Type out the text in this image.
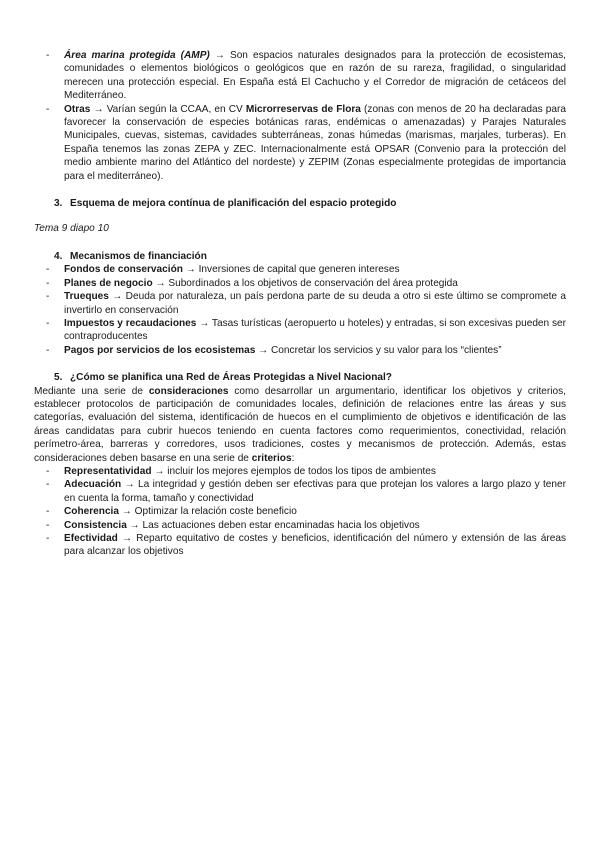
-	Área marina protegida (AMP) → Son espacios naturales designados para la protección de ecosistemas, comunidades o elementos biológicos o geológicos que en razón de su rareza, fragilidad, o singularidad merecen una protección especial. En España está El Cachucho y el Corredor de migración de cetáceos del Mediterráneo.
-	Otras → Varían según la CCAA, en CV Microrreservas de Flora (zonas con menos de 20 ha declaradas para favorecer la conservación de especies botánicas raras, endémicas o amenazadas) y Parajes Naturales Municipales, cuevas, sistemas, cavidades subterráneas, zonas húmedas (marismas, marjales, turberas). En España tenemos las zonas ZEPA y ZEC. Internacionalmente está OPSAR (Convenio para la protección del medio ambiente marino del Atlántico del nordeste) y ZEPIM (Zonas especialmente protegidas de importancia para el mediterráneo).
3. Esquema de mejora contínua de planificación del espacio protegido
Tema 9 diapo 10
4. Mecanismos de financiación
-	Fondos de conservación → Inversiones de capital que generen intereses
-	Planes de negocio → Subordinados a los objetivos de conservación del área protegida
-	Trueques → Deuda por naturaleza, un país perdona parte de su deuda a otro si este último se compromete a invertirlo en conservación
-	Impuestos y recaudaciones → Tasas turísticas (aeropuerto u hoteles) y entradas, si son excesivas pueden ser contraproducentes
-	Pagos por servicios de los ecosistemas → Concretar los servicios y su valor para los “clientes”
5. ¿Cómo se planifica una Red de Áreas Protegidas a Nivel Nacional?
Mediante una serie de consideraciones como desarrollar un argumentario, identificar los objetivos y criterios, establecer protocolos de participación de comunidades locales, definición de relaciones entre las áreas y sus categorías, evaluación del sistema, identificación de huecos en el cumplimiento de objetivos e identificación de las áreas candidatas para cubrir huecos teniendo en cuenta factores como requerimientos, conectividad, relación perímetro-área, barreras y corredores, usos tradiciones, costes y mecanismos de protección. Además, estas consideraciones deben basarse en una serie de criterios:
-	Representatividad → incluir los mejores ejemplos de todos los tipos de ambientes
-	Adecuación → La integridad y gestión deben ser efectivas para que protejan los valores a largo plazo y tener en cuenta la forma, tamaño y conectividad
-	Coherencia → Optimizar la relación coste beneficio
-	Consistencia → Las actuaciones deben estar encaminadas hacia los objetivos
-	Efectividad → Reparto equitativo de costes y beneficios, identificación del número y extensión de las áreas para alcanzar los objetivos
